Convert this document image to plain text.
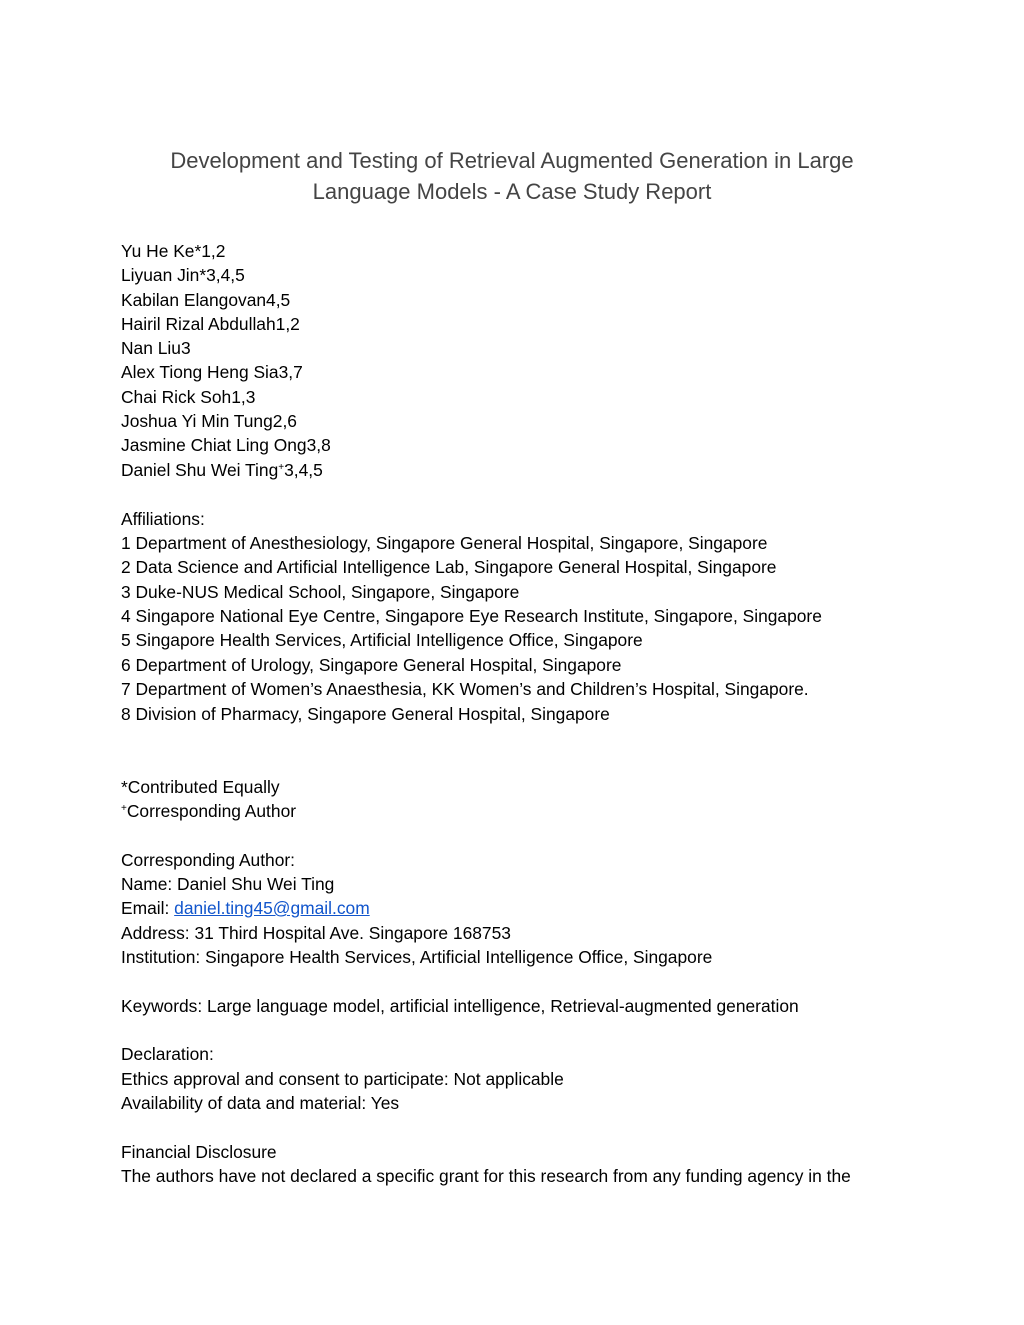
Development and Testing of Retrieval Augmented Generation in Large
Language Models - A Case Study Report
Yu He Ke*1,2
Liyuan Jin*3,4,5
Kabilan Elangovan4,5
Hairil Rizal Abdullah1,2
Nan Liu3
Alex Tiong Heng Sia3,7
Chai Rick Soh1,3
Joshua Yi Min Tung2,6
Jasmine Chiat Ling Ong3,8
Daniel Shu Wei Ting+3,4,5
Affiliations:
1 Department of Anesthesiology, Singapore General Hospital, Singapore, Singapore
2 Data Science and Artificial Intelligence Lab, Singapore General Hospital, Singapore
3 Duke-NUS Medical School, Singapore, Singapore
4 Singapore National Eye Centre, Singapore Eye Research Institute, Singapore, Singapore
5 Singapore Health Services, Artificial Intelligence Office, Singapore
6 Department of Urology, Singapore General Hospital, Singapore
7 Department of Women’s Anaesthesia, KK Women’s and Children’s Hospital, Singapore.
8 Division of Pharmacy, Singapore General Hospital, Singapore
*Contributed Equally
+Corresponding Author
Corresponding Author:
Name: Daniel Shu Wei Ting
Email: daniel.ting45@gmail.com
Address: 31 Third Hospital Ave. Singapore 168753
Institution: Singapore Health Services, Artificial Intelligence Office, Singapore
Keywords: Large language model, artificial intelligence, Retrieval-augmented generation
Declaration:
Ethics approval and consent to participate: Not applicable
Availability of data and material: Yes
Financial Disclosure
The authors have not declared a specific grant for this research from any funding agency in the
